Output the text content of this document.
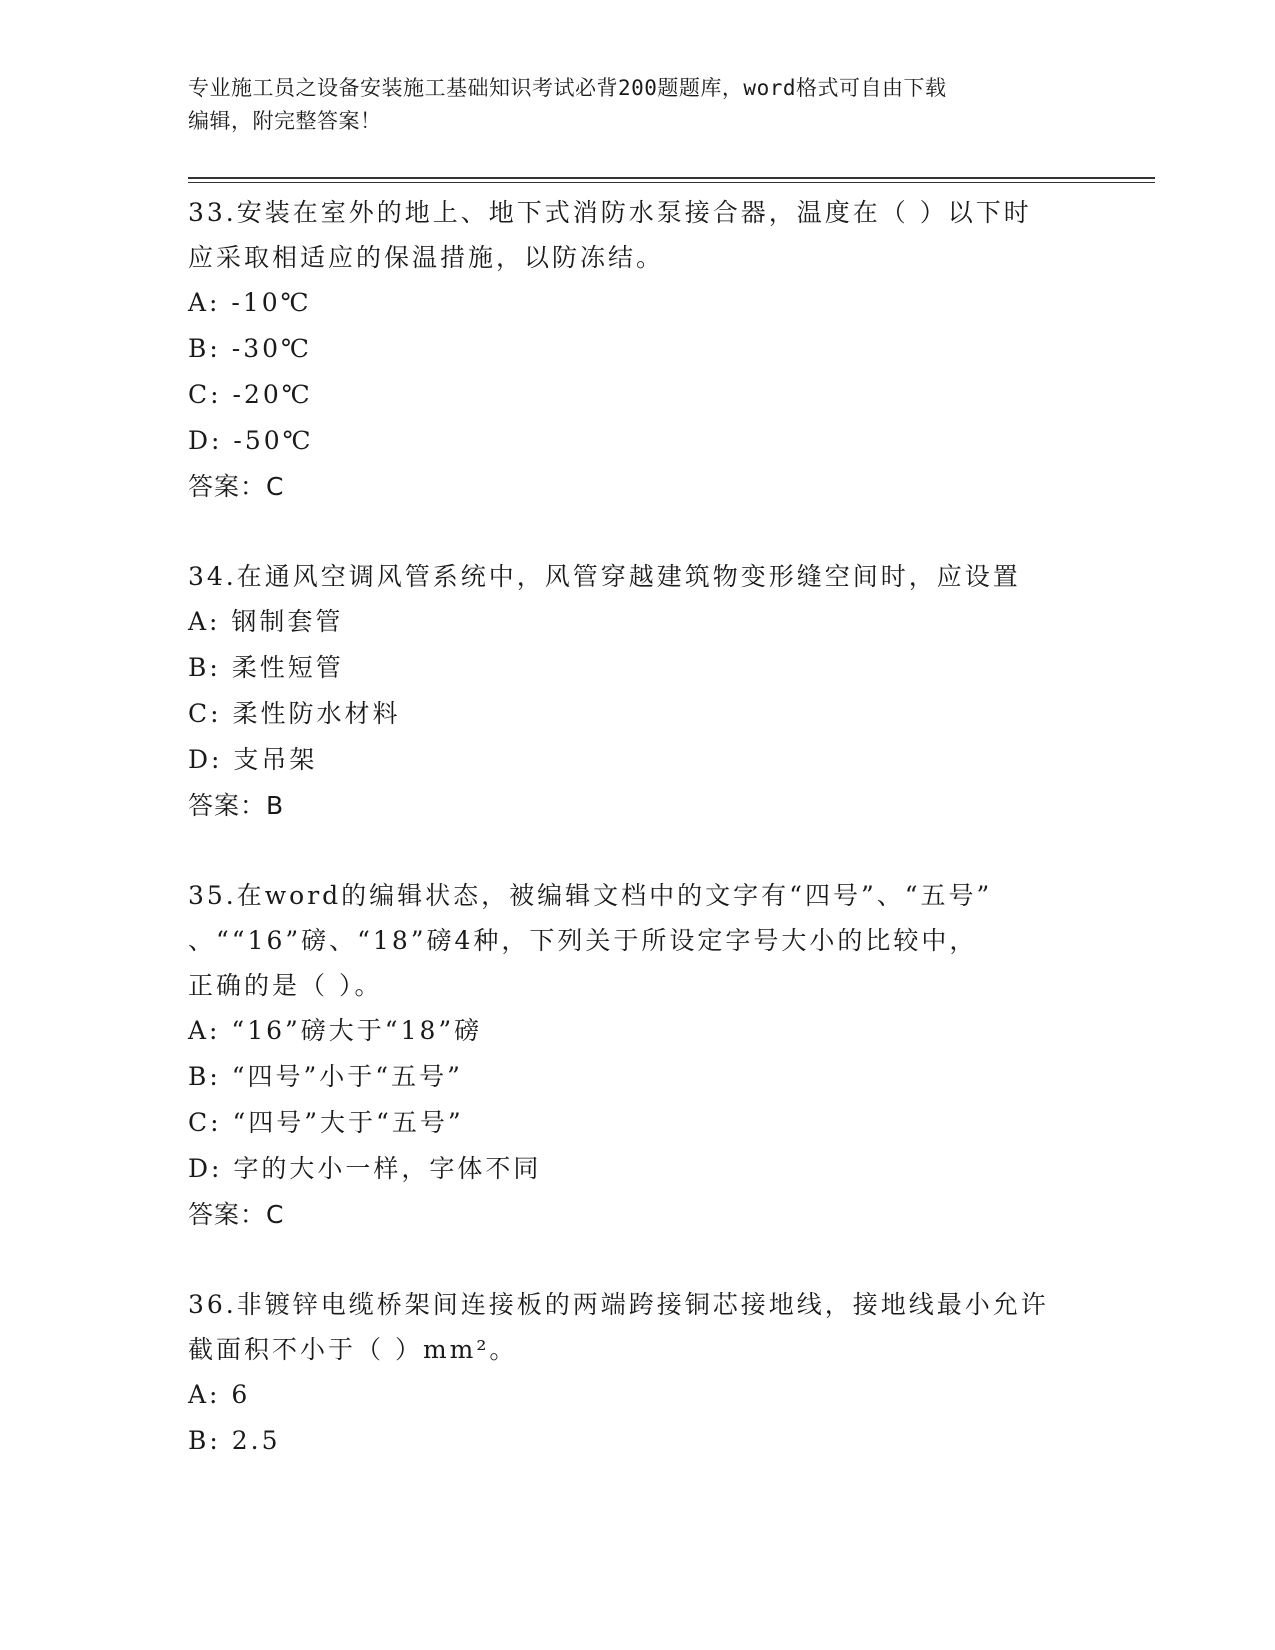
专业施工员之设备安装施工基础知识考试必背200题题库，word格式可自由下载
编辑，附完整答案！
33.安装在室外的地上、地下式消防水泵接合器，温度在（ ）以下时
应采取相适应的保温措施，以防冻结。
A: -10℃
B: -30℃
C: -20℃
D: -50℃
答案：C
34.在通风空调风管系统中，风管穿越建筑物变形缝空间时，应设置
A: 钢制套管
B: 柔性短管
C: 柔性防水材料
D: 支吊架
答案：B
35.在word的编辑状态，被编辑文档中的文字有“四号”、“五号”
、““16”磅、“18”磅4种，下列关于所设定字号大小的比较中，
正确的是（ ）。
A: “16”磅大于“18”磅
B: “四号”小于“五号”
C: “四号”大于“五号”
D: 字的大小一样，字体不同
答案：C
36.非镀锌电缆桥架间连接板的两端跨接铜芯接地线，接地线最小允许
截面积不小于（ ）mm²。
A: 6
B: 2.5
